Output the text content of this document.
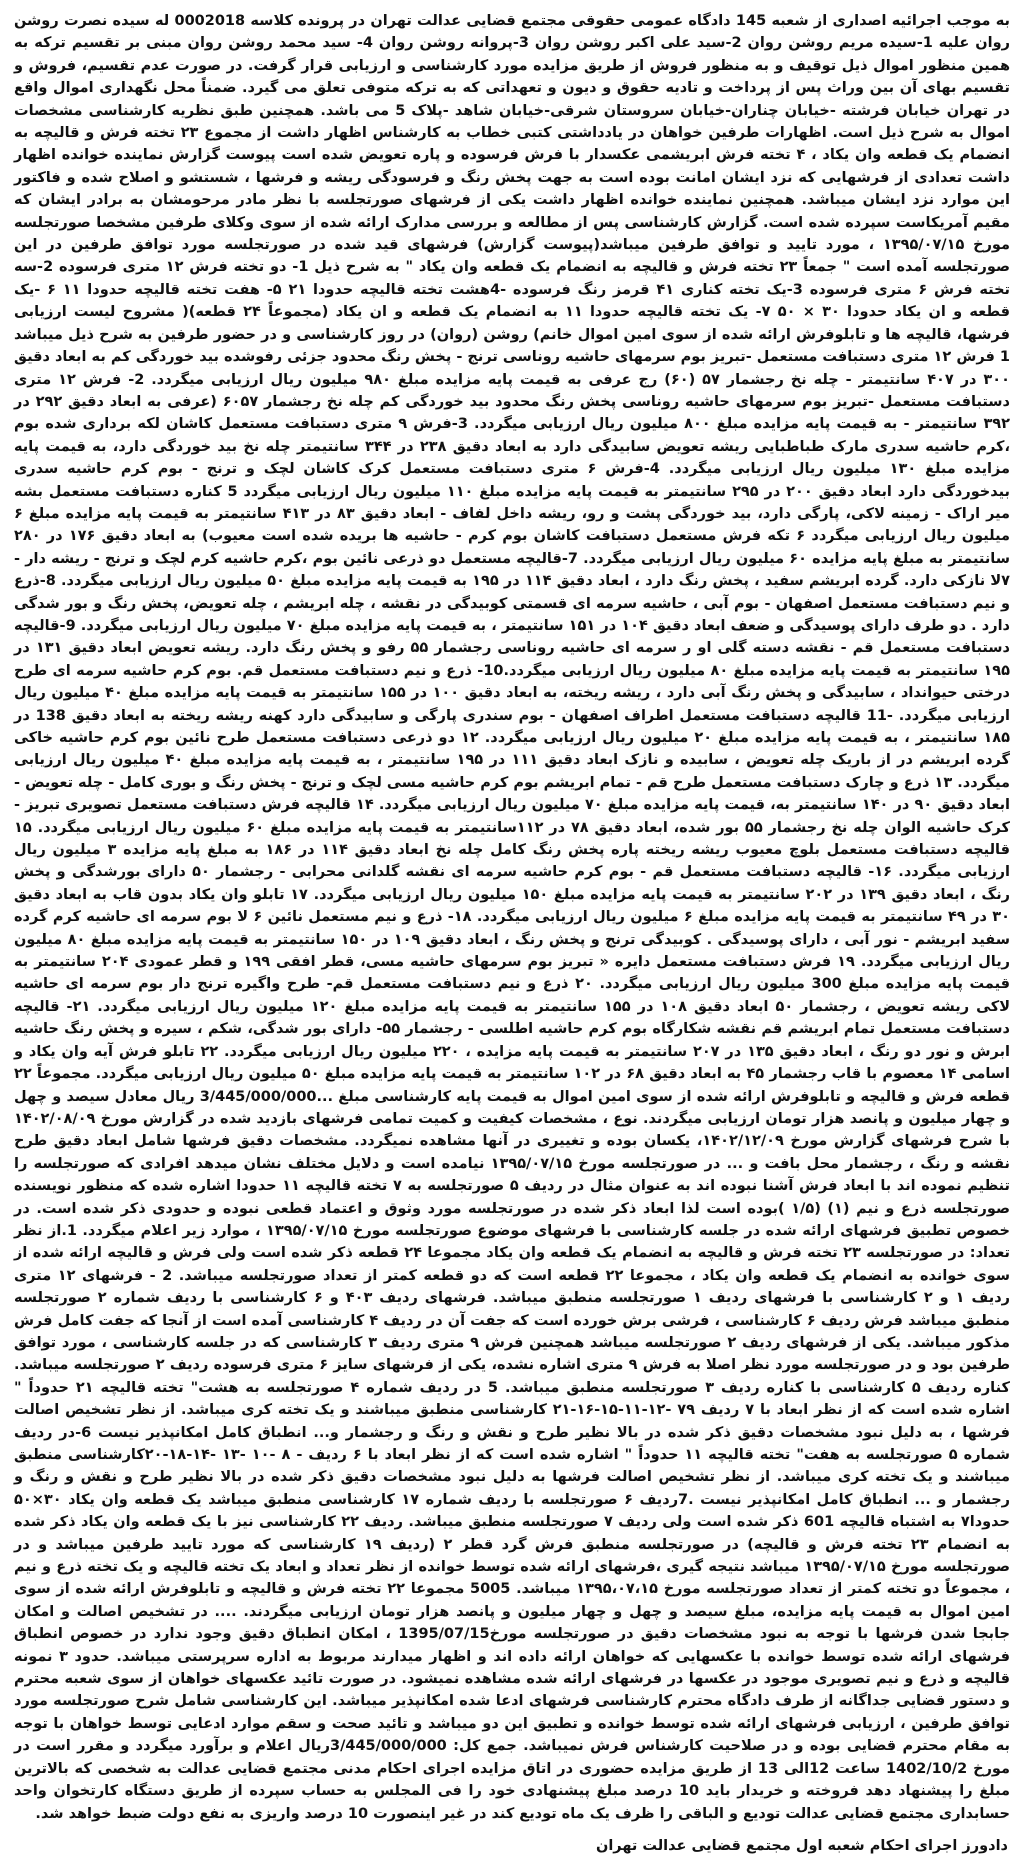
به موجب اجرائیه اصداری از شعبه 145 دادگاه عمومی حقوقی مجتمع قضایی عدالت تهران در پرونده کلاسه 0002018 له سیده نصرت روشن روان علیه 1-سیده مریم روشن روان 2-سید علی اکبر روشن روان 3-پروانه روشن روان 4- سید محمد روشن روان مبنی بر تقسیم ترکه به همین منظور اموال ذیل توقیف و به منظور فروش از طریق مزایده مورد کارشناسی و ارزیابی قرار گرفت. در صورت عدم تقسیم، فروش و تقسیم بهای آن بین وراث پس از پرداخت و تادیه حقوق و دیون و تعهداتی که به ترکه متوفی تعلق می گیرد. ضمناً محل نگهداری اموال واقع در تهران خیابان فرشته -خیابان چناران-خیابان سروستان شرقی-خیابان شاهد -پلاک 5 می باشد. همچنین طبق نظریه کارشناسی مشخصات اموال به شرح ذیل است. اظهارات طرفین خواهان در یادداشتی کتبی خطاب به کارشناس اظهار داشت از مجموع ۲۳ تخته فرش و قالیچه به انضمام یک قطعه وان یکاد ، ۴ تخته فرش ابریشمی عکسدار با فرش فرسوده و پاره تعویض شده است پیوست گزارش نماینده خوانده اظهار داشت تعدادی از فرشهایی که نزد ایشان امانت بوده است به جهت پخش رنگ و فرسودگی ریشه و فرشها ، شستشو و اصلاح شده و فاکتور این موارد نزد ایشان میباشد. همچنین نماینده خوانده اظهار داشت یکی از فرشهای صورتجلسه با نظر مادر مرحومشان به برادر ایشان که مقیم آمریکاست سپرده شده است. گزارش کارشناسی پس از مطالعه و بررسی مدارک ارائه شده از سوی وکلای طرفین مشخصا صورتجلسه مورخ ۱۳۹۵/۰۷/۱۵ ، مورد تایید و توافق طرفین میباشد(پیوست گزارش) فرشهای قید شده در صورتجلسه مورد توافق طرفین در این صورتجلسه آمده است " جمعاً ۲۳ تخته فرش و قالیچه به انضمام یک قطعه وان یکاد " به شرح ذیل 1- دو تخته فرش ۱۲ متری فرسوده 2-سه تخته فرش ۶ متری فرسوده 3-یک تخته کناری ۴۱ قرمز رنگ فرسوده -4هشت تخته قالیچه حدودا ۲۱ ۵- هفت تخته قالیچه حدودا ۱۱ ۶ -یک قطعه و ان یکاد حدودا ۳۰ × ۵۰ ۷- یک تخته قالیچه حدودا ۱۱ به انضمام یک قطعه و ان یکاد (مجموعاً ۲۴ قطعه)( مشروح لیست ارزیابی فرشها، قالیچه ها و تابلوفرش ارائه شده از سوی امین اموال خانم) روشن (روان) در روز کارشناسی و در حضور طرفین به شرح ذیل میباشد 1 فرش ۱۲ متری دستبافت مستعمل -تبریز بوم سرمهای حاشیه روناسی ترنج - پخش رنگ محدود جزئی رفوشده بید خوردگی کم به ابعاد دقیق ۳۰۰ در ۴۰۷ سانتیمتر - چله نخ رجشمار ۵۷ (۶۰) رج عرفی به قیمت پایه مزایده مبلغ ۹۸۰ میلیون ریال ارزیابی میگردد. 2- فرش ۱۲ متری دستبافت مستعمل -تبریز بوم سرمهای حاشیه روناسی پخش رنگ محدود بید خوردگی کم چله نخ رجشمار ۶۰۵۷ (عرفی به ابعاد دقیق ۲۹۲ در ۳۹۲ سانتیمتر - به قیمت پایه مزایده مبلغ ۸۰۰ میلیون ریال ارزیابی میگردد. 3-فرش ۹ متری دستبافت مستعمل کاشان لکه برداری شده بوم ،کرم حاشیه سدری مارک طباطبایی ریشه تعویض سابیدگی دارد به ابعاد دقیق ۲۳۸ در ۳۴۴ سانتیمتر چله نخ بید خوردگی دارد، به قیمت پایه مزایده مبلغ ۱۳۰ میلیون ریال ارزیابی میگردد. 4-فرش ۶ متری دستبافت مستعمل کرک کاشان لچک و ترنج - بوم کرم حاشیه سدری بیدخوردگی دارد ابعاد دقیق ۲۰۰ در ۲۹۵ سانتیمتر به قیمت پایه مزایده مبلغ ۱۱۰ میلیون ریال ارزیابی میگردد 5 کناره دستبافت مستعمل بشه میر اراک - زمینه لاکی، پارگی دارد، بید خوردگی پشت و رو، ریشه داخل لفاف - ابعاد دقیق ۸۳ در ۴۱۳ سانتیمتر به قیمت پایه مزایده مبلغ ۶ میلیون ریال ارزیابی میگردد ۶ تکه فرش مستعمل دستبافت کاشان بوم کرم - حاشیه ها بریده شده است معیوب) به ابعاد دقیق ۱۷۶ در ۲۸۰ سانتیمتر به مبلغ پایه مزایده ۶۰ میلیون ریال ارزیابی میگردد. 7-قالیچه مستعمل دو ذرعی نائین بوم ،کرم حاشیه کرم لچک و ترنج - ریشه دار - ۷لا نازکی دارد. گرده ابریشم سفید ، پخش رنگ دارد ، ابعاد دقیق ۱۱۴ در ۱۹۵ به قیمت پایه مزایده مبلغ ۵۰ میلیون ریال ارزیابی میگردد. 8-ذرع و نیم دستبافت مستعمل اصفهان - بوم آبی ، حاشیه سرمه ای قسمتی کوبیدگی در نقشه ، چله ابریشم ، چله تعویض، پخش رنگ و بور شدگی دارد . دو طرف دارای پوسیدگی و ضعف ابعاد دقیق ۱۰۴ در ۱۵۱ سانتیمتر ، به قیمت پایه مزایده مبلغ ۷۰ میلیون ریال ارزیابی میگردد. 9-قالیچه دستبافت مستعمل قم - نقشه دسته گلی او ر سرمه ای حاشیه روناسی رجشمار ۵۵ رفو و پخش رنگ دارد. ریشه تعویض ابعاد دقیق ۱۳۱ در ۱۹۵ سانتیمتر به قیمت پایه مزایده مبلغ ۸۰ میلیون ریال ارزیابی میگردد.10- ذرع و نیم دستبافت مستعمل قم. بوم کرم حاشیه سرمه ای طرح درختی حیوانداد ، سابیدگی و پخش رنگ آبی دارد ، ریشه ریخته، به ابعاد دقیق ۱۰۰ در ۱۵۵ سانتیمتر به قیمت پایه مزایده مبلغ ۴۰ میلیون ریال ارزیابی میگردد. -11 قالیچه دستبافت مستعمل اطراف اصفهان - بوم سندری پارگی و سابیدگی دارد کهنه ریشه ریخته به ابعاد دقیق 138 در ۱۸۵ سانتیمتر ، به قیمت پایه مزایده مبلغ ۲۰ میلیون ریال ارزیابی میگردد. ۱۲ دو ذرعی دستبافت مستعمل طرح نائین بوم کرم حاشیه خاکی گرده ابریشم در از باریک چله تعویض ، سابیده و نازک ابعاد دقیق ۱۱۱ در ۱۹۵ سانتیمتر ، به قیمت پایه مزایده مبلغ ۴۰ میلیون ریال ارزیابی میگردد. ۱۳ ذرع و چارک دستبافت مستعمل طرح قم - تمام ابریشم بوم کرم حاشیه مسی لچک و ترنج - پخش رنگ و بوری کامل - چله تعویض - ابعاد دقیق ۹۰ در ۱۴۰ سانتیمتر به، قیمت پایه مزایده مبلغ ۷۰ میلیون ریال ارزیابی میگردد. ۱۴ قالیچه فرش دستبافت مستعمل تصویری تبریز - کرک حاشیه الوان چله نخ رجشمار ۵۵ بور شده، ابعاد دقیق ۷۸ در ۱۱۲سانتیمتر به قیمت پایه مزایده مبلغ ۶۰ میلیون ریال ارزیابی میگردد. ۱۵ قالیچه دستبافت مستعمل بلوچ معیوب ریشه ریخته پاره پخش رنگ کامل چله نخ ابعاد دقیق ۱۱۴ در ۱۸۶ به مبلغ پایه مزایده ۳ میلیون ریال ارزیابی میگردد. ۱۶- قالیچه دستبافت مستعمل قم - بوم کرم حاشیه سرمه ای نقشه گلدانی محرابی - رجشمار ۵۰ دارای بورشدگی و پخش رنگ ، ابعاد دقیق ۱۳۹ در ۲۰۲ سانتیمتر به قیمت پایه مزایده مبلغ ۱۵۰ میلیون ریال ارزیابی میگردد. ۱۷ تابلو وان یکاد بدون قاب به ابعاد دقیق ۳۰ در ۴۹ سانتیمتر به قیمت پایه مزایده مبلغ ۶ میلیون ریال ارزیابی میگردد. ۱۸- ذرع و نیم مستعمل نائین ۶ لا بوم سرمه ای حاشیه کرم گرده سفید ابریشم - نور آبی ، دارای پوسیدگی . کوبیدگی ترنج و پخش رنگ ، ابعاد دقیق ۱۰۹ در ۱۵۰ سانتیمتر به قیمت پایه مزایده مبلغ ۸۰ میلیون ریال ارزیابی میگردد. ۱۹ فرش دستبافت مستعمل دایره « تبریز بوم سرمهای حاشیه مسی، قطر افقی ۱۹۹ و قطر عمودی ۲۰۴ سانتیمتر به قیمت پایه مزایده مبلغ 300 میلیون ریال ارزیابی میگردد. ۲۰ ذرع و نیم دستبافت مستعمل قم- طرح واگیره ترنج دار بوم سرمه ای حاشیه لاکی ریشه تعویض ، رجشمار ۵۰ ابعاد دقیق ۱۰۸ در ۱۵۵ سانتیمتر به قیمت پایه مزایده مبلغ ۱۲۰ میلیون ریال ارزیابی میگردد. ۲۱- قالیچه دستبافت مستعمل تمام ابریشم قم نقشه شکارگاه بوم کرم حاشیه اطلسی - رجشمار ۵۵- دارای بور شدگی، شکم ، سیره و پخش رنگ حاشیه ابرش و نور دو رنگ ، ابعاد دقیق ۱۳۵ در ۲۰۷ سانتیمتر به قیمت پایه مزایده ، ۲۲۰ میلیون ریال ارزیابی میگردد. ۲۲ تابلو فرش آیه وان یکاد و اسامی ۱۴ معصوم با قاب رجشمار ۴۵ به ابعاد دقیق ۶۸ در ۱۰۲ سانتیمتر به قیمت پایه مزایده مبلغ ۵۰ میلیون ریال ارزیابی میگردد. مجموعاً ۲۲ قطعه فرش و قالیچه و تابلوفرش ارائه شده از سوی امین اموال به قیمت پایه کارشناسی مبلغ ...3/445/000/000 ریال معادل سیصد و چهل و چهار میلیون و پانصد هزار تومان ارزیابی میگردند. نوع ، مشخصات کیفیت و کمیت تمامی فرشهای بازدید شده در گزارش مورخ ۱۴۰۲/۰۸/۰۹ با شرح فرشهای گزارش مورخ ۱۴۰۲/۱۲/۰۹، یکسان بوده و تغییری در آنها مشاهده نمیگردد. مشخصات دقیق فرشها شامل ابعاد دقیق طرح نقشه و رنگ ، رجشمار محل بافت و ... در صورتجلسه مورخ ۱۳۹۵/۰۷/۱۵ نیامده است و دلایل مختلف نشان میدهد افرادی که صورتجلسه را تنظیم نموده اند با ابعاد فرش آشنا نبوده اند به عنوان مثال در ردیف ۵ صورتجلسه به ۷ تخته قالیچه ۱۱ حدودا اشاره شده که منظور نویسنده صورتجلسه ذرع و نیم (۱) (۱/۵ )بوده است لذا ابعاد ذکر شده در صورتجلسه مورد وثوق و اعتماد قطعی نبوده و حدودی ذکر شده است. در خصوص تطبیق فرشهای ارائه شده در جلسه کارشناسی با فرشهای موضوع صورتجلسه مورخ ۱۳۹۵/۰۷/۱۵ ، موارد زیر اعلام میگردد. 1.از نظر تعداد: در صورتجلسه ۲۳ تخته فرش و قالیچه به انضمام یک قطعه وان یکاد مجموعا ۲۴ قطعه ذکر شده است ولی فرش و قالیچه ارائه شده از سوی خوانده به انضمام یک قطعه وان یکاد ، مجموعا ۲۲ قطعه است که دو قطعه کمتر از تعداد صورتجلسه میباشد. 2 - فرشهای ۱۲ متری ردیف ۱ و ۲ کارشناسی با فرشهای ردیف ۱ صورتجلسه منطبق میباشد. فرشهای ردیف ۴۰۳ و ۶ کارشناسی با ردیف شماره ۲ صورتجلسه منطبق میباشد فرش ردیف ۶ کارشناسی ، فرشی برش خورده است که جفت آن در ردیف ۴ کارشناسی آمده است از آنجا که جفت کامل فرش مذکور میباشد. یکی از فرشهای ردیف ۲ صورتجلسه میباشد همچنین فرش ۹ متری ردیف ۳ کارشناسی که در جلسه کارشناسی ، مورد توافق طرفین بود و در صورتجلسه مورد نظر اصلا به فرش ۹ متری اشاره نشده، یکی از فرشهای سایز ۶ متری فرسوده ردیف ۲ صورتجلسه میباشد. کناره ردیف ۵ کارشناسی با کناره ردیف ۳ صورتجلسه منطبق میباشد. 5 در ردیف شماره ۴ صورتجلسه به هشت" تخته قالیچه ۲۱ حدوداً " اشاره شده است که از نظر ابعاد با ۷ ردیف ۷۹ -۱۲-۱۱-۱۵-۱۶-۲۱ کارشناسی منطبق میباشند و یک تخته کری میباشد. از نظر تشخیص اصالت فرشها ، به دلیل نبود مشخصات دقیق ذکر شده در بالا نظیر طرح و نقش و رنگ و رجشمار و... انطباق کامل امکانپذیر نیست 6-در ردیف شماره ۵ صورتجلسه به هفت" تخته قالیچه ۱۱ حدوداً " اشاره شده است که از نظر ابعاد با ۶ ردیف - ۸ -۱۰ -۱۳ -۱۴-۱۸-۲۰کارشناسی منطبق میباشند و یک تخته کری میباشد. از نظر تشخیص اصالت فرشها به دلیل نبود مشخصات دقیق ذکر شده در بالا نظیر طرح و نقش و رنگ و رجشمار و ... انطباق کامل امکانپذیر نیست .7ردیف ۶ صورتجلسه با ردیف شماره ۱۷ کارشناسی منطبق میباشد یک قطعه وان یکاد ۳۰×۵۰ حدودا۷ به اشتباه قالیچه 601 ذکر شده است ولی ردیف ۷ صورتجلسه منطبق میباشد. ردیف ۲۲ کارشناسی نیز با یک قطعه وان یکاد ذکر شده به انضمام ۲۳ تخته فرش و قالیچه) در صورتجلسه منطبق فرش گرد قطر ۲ (ردیف ۱۹ کارشناسی که مورد تایید طرفین میباشد و در صورتجلسه مورخ ۱۳۹۵/۰۷/۱۵ میباشد نتیجه گیری ،فرشهای ارائه شده توسط خوانده از نظر تعداد و ابعاد یک تخته قالیچه و یک تخته ذرع و نیم ، مجموعاً دو تخته کمتر از تعداد صورتجلسه مورخ ۱۳۹۵،۰۷،۱۵ میباشد. 5005 مجموعا ۲۲ تخته فرش و قالیچه و تابلوفرش ارائه شده از سوی امین اموال به قیمت پایه مزایده، مبلغ سیصد و چهل و چهار میلیون و پانصد هزار تومان ارزیابی میگردند. .... در تشخیص اصالت و امکان جابجا شدن فرشها با توجه به نبود مشخصات دقیق در صورتجلسه مورخ1395/07/15 ، امکان انطباق دقیق وجود ندارد در خصوص انطباق فرشهای ارائه شده توسط خوانده با عکسهایی که خواهان ارائه داده اند و اظهار میدارند مربوط به اداره سرپرستی میباشد. حدود ۳ نمونه قالیچه و ذرع و نیم تصویری موجود در عکسها در فرشهای ارائه شده مشاهده نمیشود. در صورت تائید عکسهای خواهان از سوی شعبه محترم و دستور قضایی جداگانه از طرف دادگاه محترم کارشناسی فرشهای ادعا شده امکانپذیر میباشد. این کارشناسی شامل شرح صورتجلسه مورد توافق طرفین ، ارزیابی فرشهای ارائه شده توسط خوانده و تطبیق این دو میباشد و تائید صحت و سقم موارد ادعایی توسط خواهان با توجه به مقام محترم قضایی بوده و در صلاحیت کارشناس فرش نمیباشد. جمع کل: 3/445/000/000ریال اعلام و برآورد میگردد و مقرر است در مورخ 1402/10/2 ساعت 12الی 13 از طریق مزایده حضوری در اتاق مزایده اجرای احکام مدنی مجتمع قضایی عدالت به شخصی که بالاترین مبلغ را پیشنهاد دهد فروخته و خریدار باید 10 درصد مبلغ پیشنهادی خود را فی المجلس به حساب سپرده از طریق دستگاه کارتخوان واحد حسابداری مجتمع قضایی عدالت تودیع و الباقی را ظرف یک ماه تودیع کند در غیر اینصورت 10 درصد واریزی به نفع دولت ضبط خواهد شد.

دادورز اجرای احکام شعبه اول مجتمع قضایی عدالت تهران
